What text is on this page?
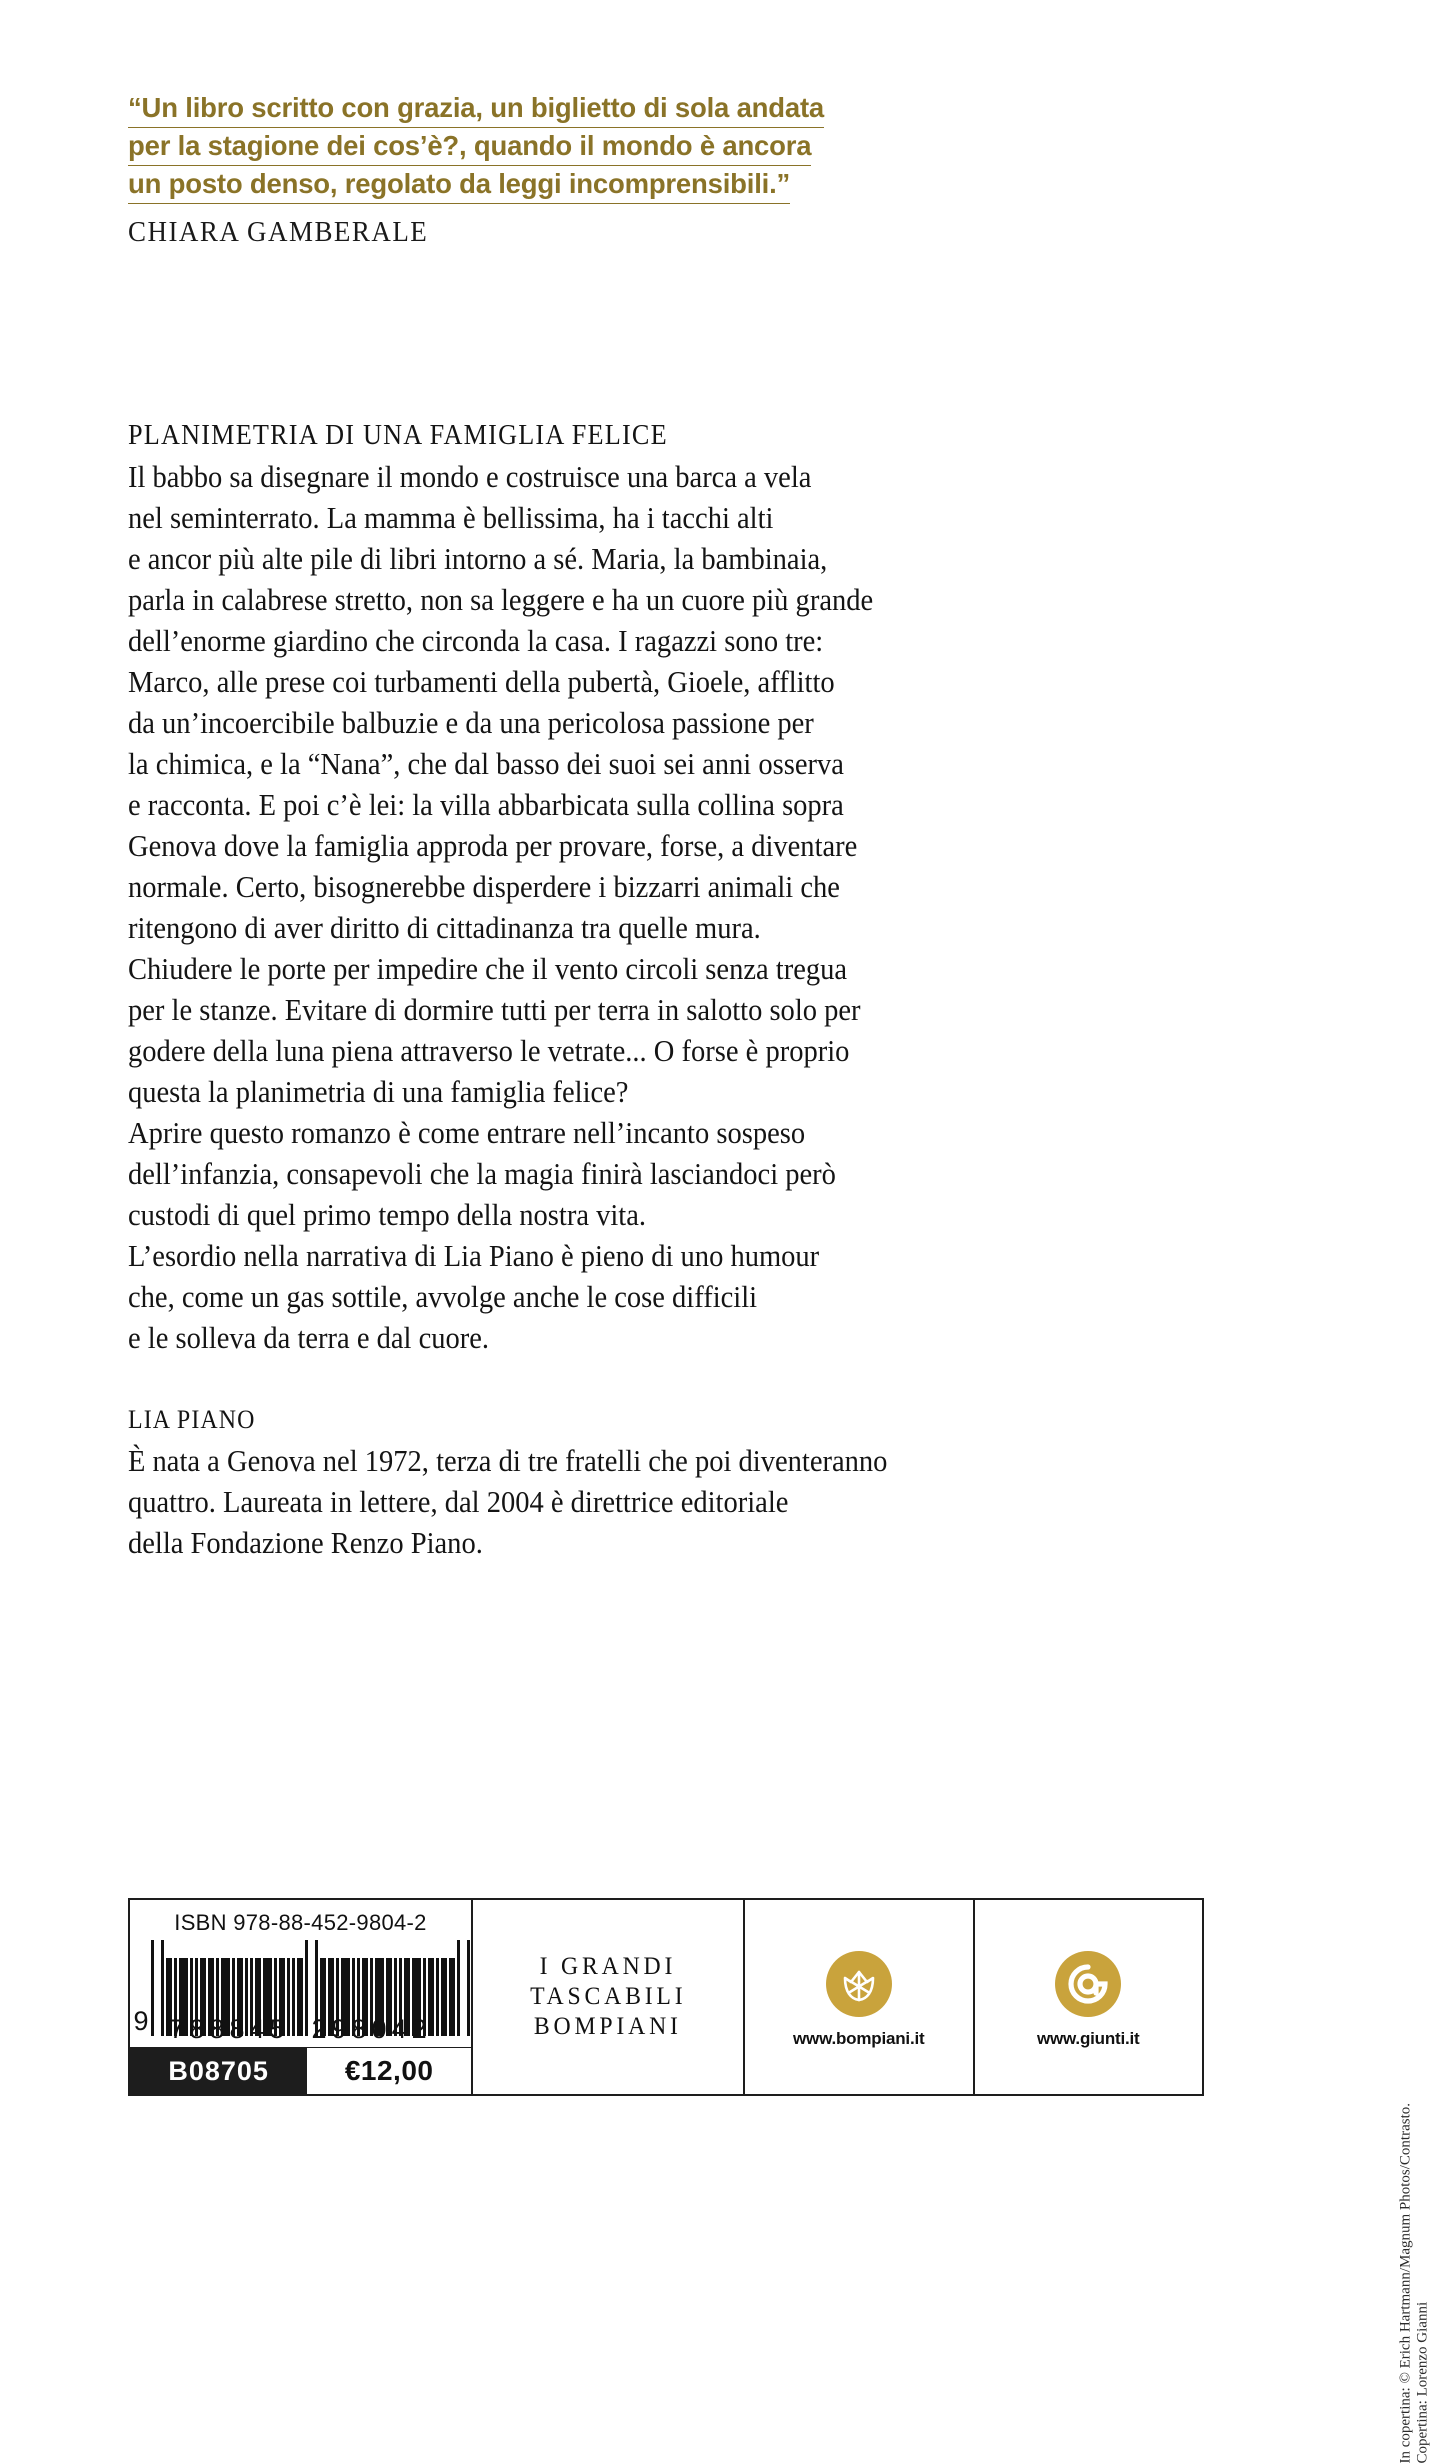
“Un libro scritto con grazia, un biglietto di sola andata
per la stagione dei cos’è?, quando il mondo è ancora
un posto denso, regolato da leggi incomprensibili.”
CHIARA GAMBERALE
PLANIMETRIA DI UNA FAMIGLIA FELICE
Il babbo sa disegnare il mondo e costruisce una barca a vela
nel seminterrato. La mamma è bellissima, ha i tacchi alti
e ancor più alte pile di libri intorno a sé. Maria, la bambinaia,
parla in calabrese stretto, non sa leggere e ha un cuore più grande
dell’enorme giardino che circonda la casa. I ragazzi sono tre:
Marco, alle prese coi turbamenti della pubertà, Gioele, afflitto
da un’incoercibile balbuzie e da una pericolosa passione per
la chimica, e la “Nana”, che dal basso dei suoi sei anni osserva
e racconta. E poi c’è lei: la villa abbarbicata sulla collina sopra
Genova dove la famiglia approda per provare, forse, a diventare
normale. Certo, bisognerebbe disperdere i bizzarri animali che
ritengono di aver diritto di cittadinanza tra quelle mura.
Chiudere le porte per impedire che il vento circoli senza tregua
per le stanze. Evitare di dormire tutti per terra in salotto solo per
godere della luna piena attraverso le vetrate... O forse è proprio
questa la planimetria di una famiglia felice?
Aprire questo romanzo è come entrare nell’incanto sospeso
dell’infanzia, consapevoli che la magia finirà lasciandoci però
custodi di quel primo tempo della nostra vita.
L’esordio nella narrativa di Lia Piano è pieno di uno humour
che, come un gas sottile, avvolge anche le cose difficili
e le solleva da terra e dal cuore.
LIA PIANO
È nata a Genova nel 1972, terza di tre fratelli che poi diventeranno
quattro. Laureata in lettere, dal 2004 è direttrice editoriale
della Fondazione Renzo Piano.
ISBN 978-88-452-9804-2
9 788845 298042
B08705	€12,00
I GRANDI
TASCABILI
BOMPIANI	www.bompiani.it	www.giunti.it
In copertina: © Erich Hartmann/Magnum Photos/Contrasto. Copertina: Lorenzo Gianni
